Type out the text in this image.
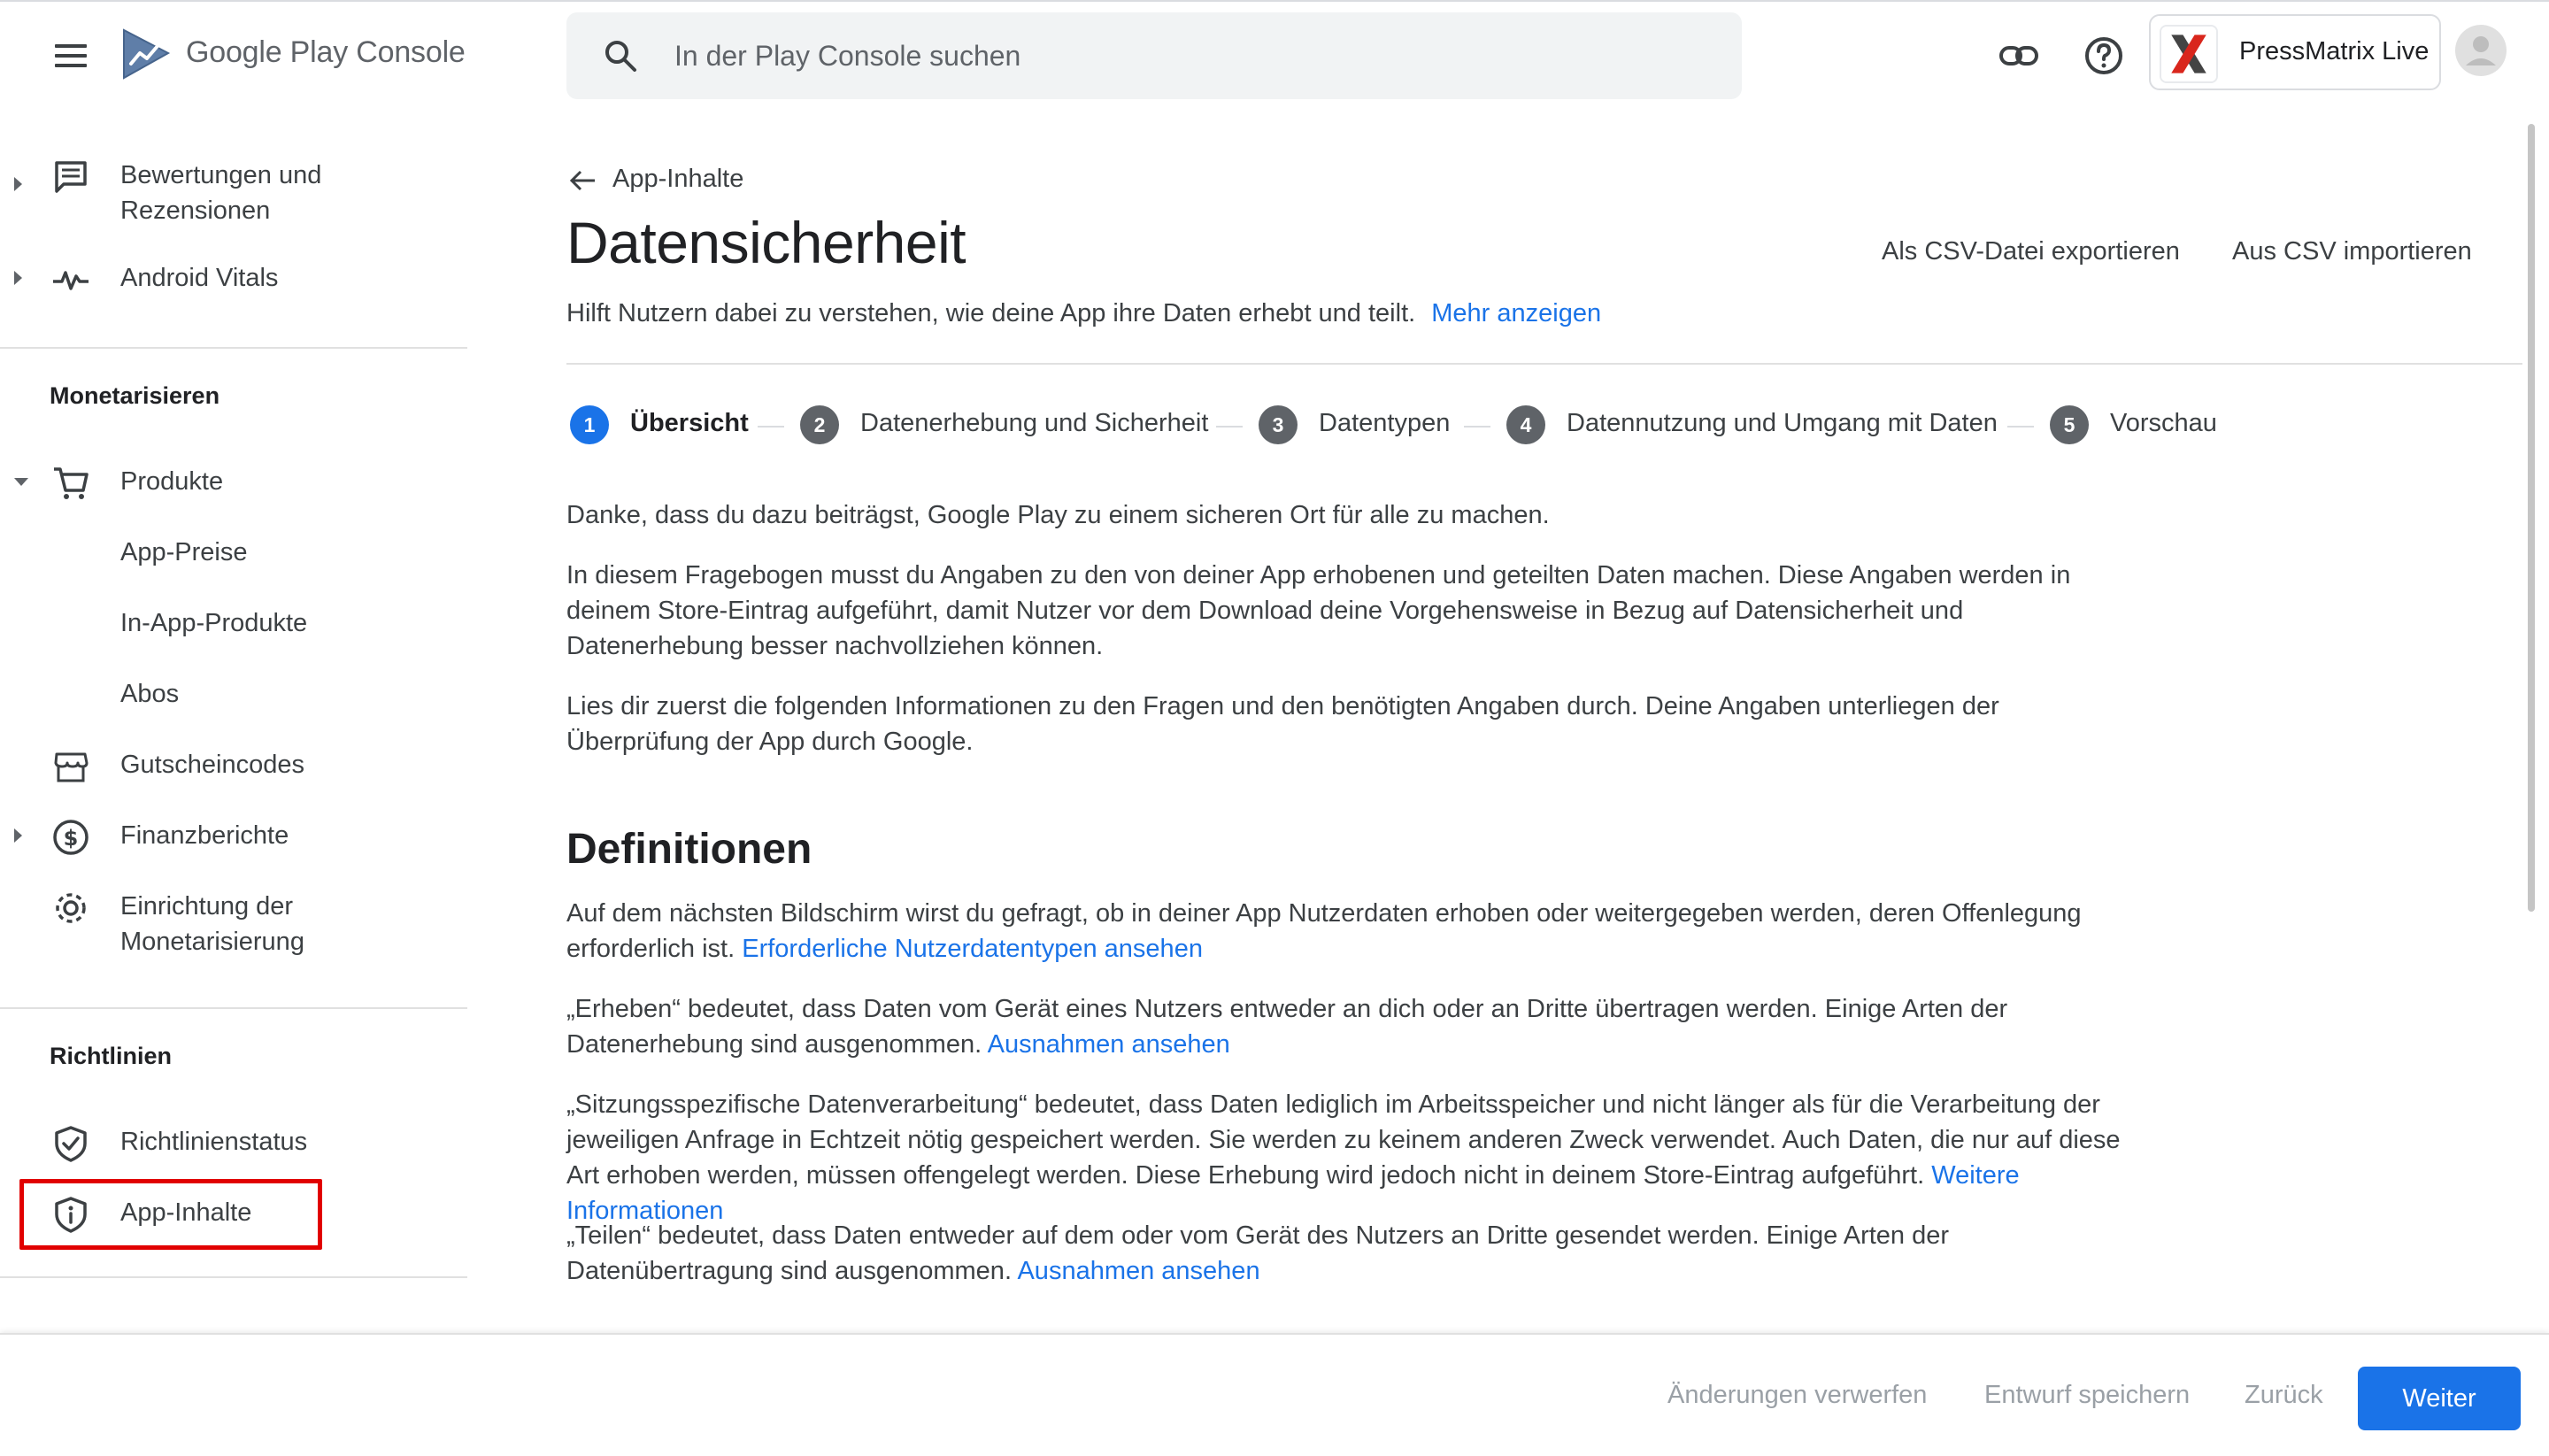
Google Play Console
In der Play Console suchen	PressMatrix Live
Bewertungen und Rezensionen
Android Vitals
Monetarisieren
Produkte
App-Preise
In-App-Produkte
Abos
Gutscheincodes
$ Finanzberichte
Einrichtung der Monetarisierung
Richtlinien
Richtlinienstatus
App-Inhalte
App-Inhalte
Datensicherheit	Als CSV-Datei exportieren Aus CSV importieren
Hilft Nutzern dabei zu verstehen, wie deine App ihre Daten erhebt und teilt. Mehr anzeigen
1	Übersicht	2	Datenerhebung und Sicherheit	3	Datentypen	4	Datennutzung und Umgang mit Daten	5	Vorschau

Danke, dass du dazu beiträgst, Google Play zu einem sicheren Ort für alle zu machen.

In diesem Fragebogen musst du Angaben zu den von deiner App erhobenen und geteilten Daten machen. Diese Angaben werden in deinem Store-Eintrag aufgeführt, damit Nutzer vor dem Download deine Vorgehensweise in Bezug auf Datensicherheit und Datenerhebung besser nachvollziehen können.

Lies dir zuerst die folgenden Informationen zu den Fragen und den benötigten Angaben durch. Deine Angaben unterliegen der Überprüfung der App durch Google.

Definitionen

Auf dem nächsten Bildschirm wirst du gefragt, ob in deiner App Nutzerdaten erhoben oder weitergegeben werden, deren Offenlegung erforderlich ist. Erforderliche Nutzerdatentypen ansehen

„Erheben“ bedeutet, dass Daten vom Gerät eines Nutzers entweder an dich oder an Dritte übertragen werden. Einige Arten der Datenerhebung sind ausgenommen. Ausnahmen ansehen

„Sitzungsspezifische Datenverarbeitung“ bedeutet, dass Daten lediglich im Arbeitsspeicher und nicht länger als für die Verarbeitung der jeweiligen Anfrage in Echtzeit nötig gespeichert werden. Sie werden zu keinem anderen Zweck verwendet. Auch Daten, die nur auf diese Art erhoben werden, müssen offengelegt werden. Diese Erhebung wird jedoch nicht in deinem Store-Eintrag aufgeführt. Weitere Informationen

„Teilen“ bedeutet, dass Daten entweder auf dem oder vom Gerät des Nutzers an Dritte gesendet werden. Einige Arten der Datenübertragung sind ausgenommen. Ausnahmen ansehen

Änderungen verwerfen Entwurf speichern Zurück	Weiter
